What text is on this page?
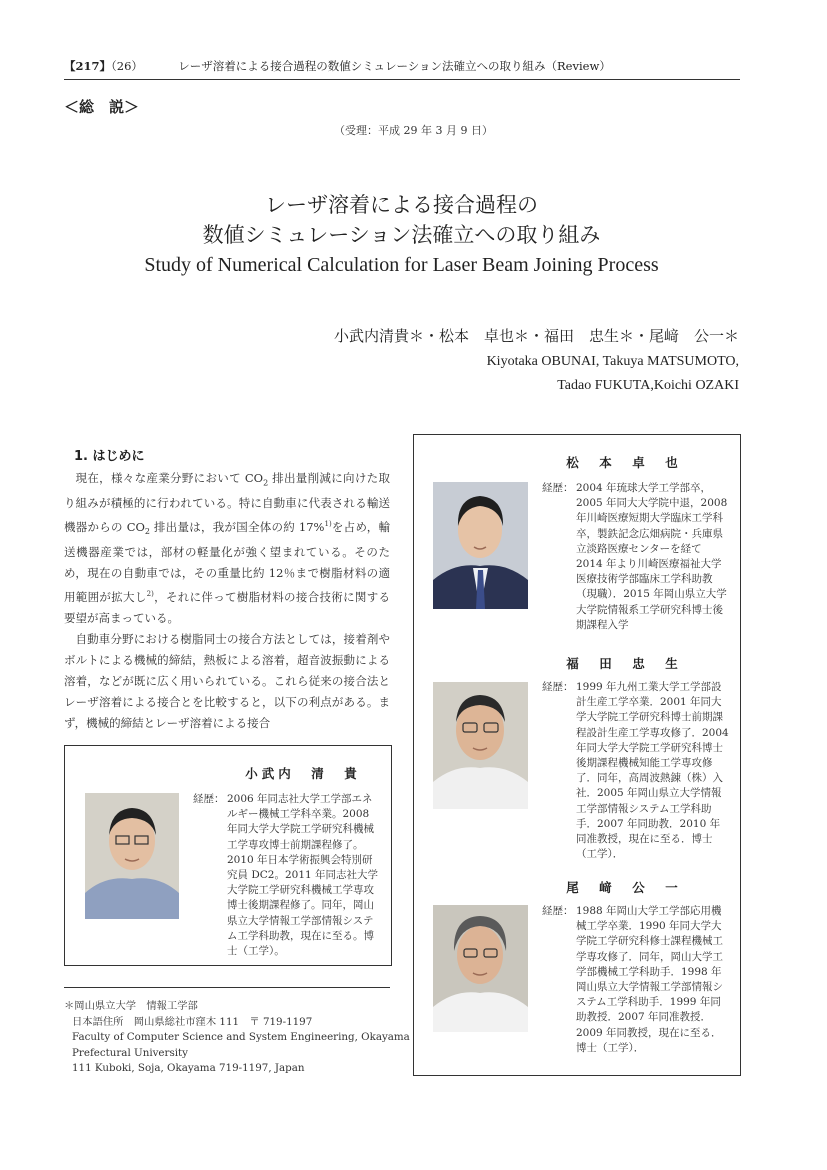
【217】（26）	レーザ溶着による接合過程の数値シミュレーション法確立への取り組み（Review）
＜総　説＞
（受理：平成 29 年 3 月 9 日）
レーザ溶着による接合過程の
数値シミュレーション法確立への取り組み
Study of Numerical Calculation for Laser Beam Joining Process
小武内清貴＊・松本　卓也＊・福田　忠生＊・尾﨑　公一＊
Kiyotaka OBUNAI, Takuya MATSUMOTO,
Tadao FUKUTA,Koichi OZAKI
1. はじめに

現在，様々な産業分野において $CO_2$ 排出量削減に向けた取り組みが積極的に行われている。特に自動車に代表される輸送機器からの $CO_2$ 排出量は，我が国全体の約 17%$^{1)}$を占め，輸送機器産業では，部材の軽量化が強く望まれている。そのため，現在の自動車では，その重量比約 12％まで樹脂材料の適用範囲が拡大し$^{2)}$，それに伴って樹脂材料の接合技術に関する要望が高まっている。

自動車分野における樹脂同士の接合方法としては，接着剤やボルトによる機械的締結，熱板による溶着，超音波振動による溶着，などが既に広く用いられている。これら従来の接合法とレーザ溶着による接合とを比較すると，以下の利点がある。まず，機械的締結とレーザ溶着による接合

小武内　清　貴
経歴： 2006 年同志社大学工学部エネルギー機械工学科卒業。2008 年同大学大学院工学研究科機械工学専攻博士前期課程修了。2010 年日本学術振興会特別研究員 DC2。2011 年同志社大学大学院工学研究科機械工学専攻博士後期課程修了。同年，岡山県立大学情報工学部情報システム工学科助教，現在に至る。博士（工学）。
松　本　卓　也
経歴： 2004 年琉球大学工学部卒，2005 年同大大学院中退，2008 年川崎医療短期大学臨床工学科卒，製鉄記念広畑病院・兵庫県立淡路医療センターを経て 2014 年より川崎医療福祉大学医療技術学部臨床工学科助教（現職）．2015 年岡山県立大学大学院情報系工学研究科博士後期課程入学
福　田　忠　生
経歴： 1999 年九州工業大学工学部設計生産工学卒業．2001 年同大学大学院工学研究科博士前期課程設計生産工学専攻修了．2004 年同大学大学院工学研究科博士後期課程機械知能工学専攻修了．同年，高周波熱錬（株）入社．2005 年岡山県立大学情報工学部情報システム工学科助手．2007 年同助教．2010 年同准教授，現在に至る．博士（工学）．
尾　﨑　公　一
経歴： 1988 年岡山大学工学部応用機械工学卒業．1990 年同大学大学院工学研究科修士課程機械工学専攻修了．同年，岡山大学工学部機械工学科助手．1998 年岡山県立大学情報工学部情報システム工学科助手．1999 年同助教授．2007 年同准教授．2009 年同教授，現在に至る．博士（工学）．
＊岡山県立大学　情報工学部
日本語住所　岡山県総社市窪木 111　〒 719-1197
Faculty of Computer Science and System Engineering, Okayama
Prefectural University
111 Kuboki, Soja, Okayama 719-1197, Japan
